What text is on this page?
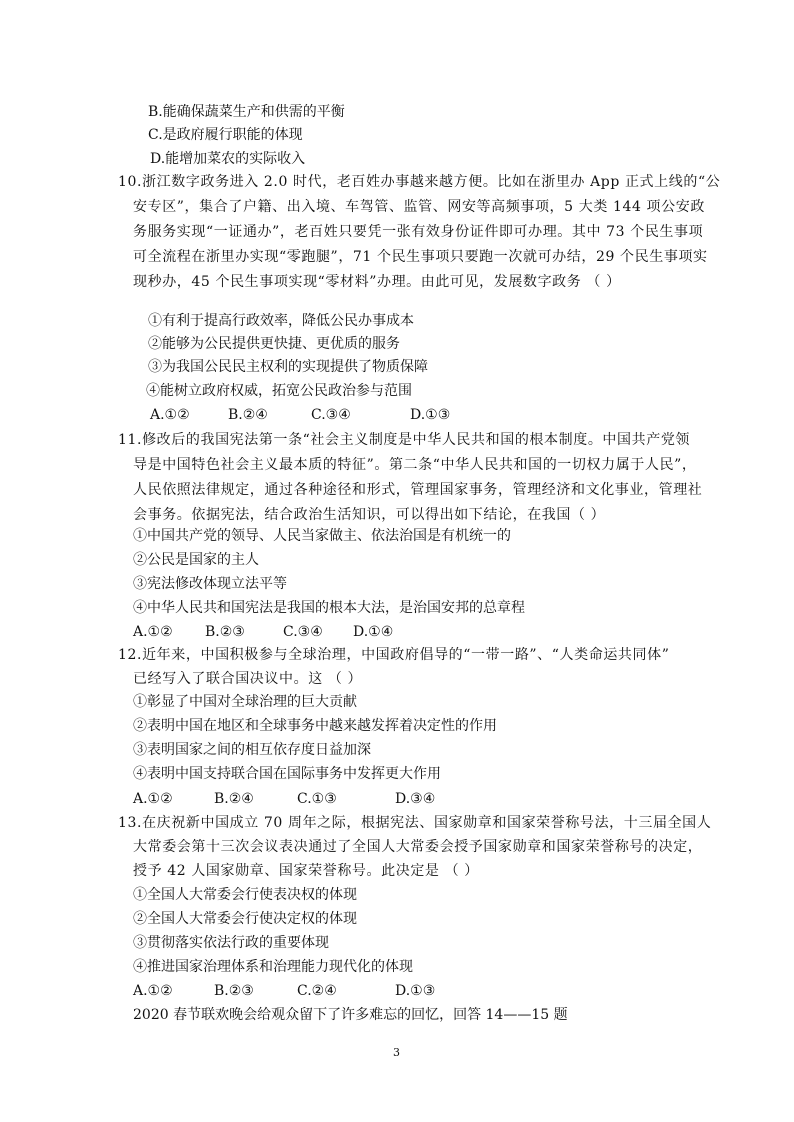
B.能确保蔬菜生产和供需的平衡

C.是政府履行职能的体现

D.能增加菜农的实际收入

10.浙江数字政务进入 2.0 时代，老百姓办事越来越方便。比如在浙里办 App 正式上线的“公

安专区”，集合了户籍、出入境、车驾管、监管、网安等高频事项，5 大类 144 项公安政

务服务实现“一证通办”，老百姓只要凭一张有效身份证件即可办理。其中 73 个民生事项

可全流程在浙里办实现“零跑腿”，71 个民生事项只要跑一次就可办结，29 个民生事项实

现秒办，45 个民生事项实现“零材料”办理。由此可见，发展数字政务 （ ）

①有利于提高行政效率，降低公民办事成本

②能够为公民提供更快捷、更优质的服务

③为我国公民民主权利的实现提供了物质保障

④能树立政府权威，拓宽公民政治参与范围

A.①②	B.②④	C.③④	D.①③

11.修改后的我国宪法第一条“社会主义制度是中华人民共和国的根本制度。中国共产党领

导是中国特色社会主义最本质的特征”。第二条“中华人民共和国的一切权力属于人民”，

人民依照法律规定，通过各种途径和形式，管理国家事务，管理经济和文化事业，管理社

会事务。依据宪法，结合政治生活知识，可以得出如下结论，在我国（ ）

①中国共产党的领导、人民当家做主、依法治国是有机统一的

②公民是国家的主人

③宪法修改体现立法平等

④中华人民共和国宪法是我国的根本大法，是治国安邦的总章程

A.①② B.②③	C.③④ D.①④

12.近年来，中国积极参与全球治理，中国政府倡导的“一带一路”、“人类命运共同体”

已经写入了联合国决议中。这 （ ）

①彰显了中国对全球治理的巨大贡献

②表明中国在地区和全球事务中越来越发挥着决定性的作用

③表明国家之间的相互依存度日益加深

④表明中国支持联合国在国际事务中发挥更大作用

A.①②	B.②④	C.①③	D.③④

13.在庆祝新中国成立 70 周年之际，根据宪法、国家勋章和国家荣誉称号法，十三届全国人

大常委会第十三次会议表决通过了全国人大常委会授予国家勋章和国家荣誉称号的决定，

授予 42 人国家勋章、国家荣誉称号。此决定是 （ ）

①全国人大常委会行使表决权的体现

②全国人大常委会行使决定权的体现

③贯彻落实依法行政的重要体现

④推进国家治理体系和治理能力现代化的体现

A.①②	B.②③	C.②④	D.①③

2020 春节联欢晚会给观众留下了许多难忘的回忆，回答 14——15 题

3
